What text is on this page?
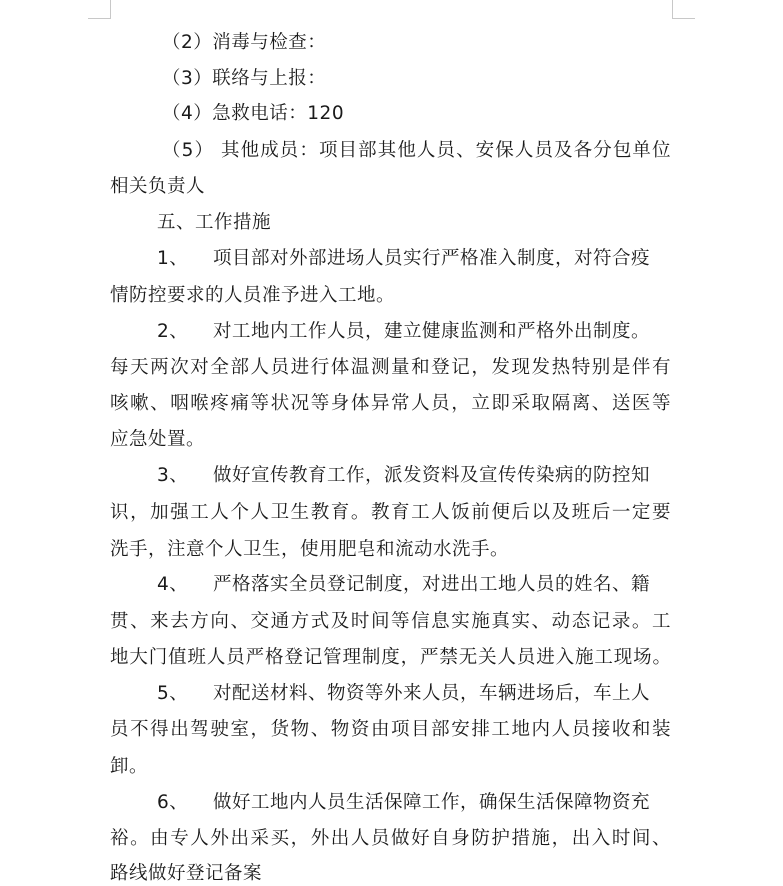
（2）消毒与检查：
（3）联络与上报：
（4）急救电话：120
（5） 其他成员：项目部其他人员、安保人员及各分包单位
相关负责人
五、工作措施
1、 项目部对外部进场人员实行严格准入制度，对符合疫
情防控要求的人员准予进入工地。
2、 对工地内工作人员，建立健康监测和严格外出制度。
每天两次对全部人员进行体温测量和登记，发现发热特别是伴有
咳嗽、咽喉疼痛等状况等身体异常人员，立即采取隔离、送医等
应急处置。
3、 做好宣传教育工作，派发资料及宣传传染病的防控知
识，加强工人个人卫生教育。教育工人饭前便后以及班后一定要
洗手，注意个人卫生，使用肥皂和流动水洗手。
4、 严格落实全员登记制度，对进出工地人员的姓名、籍
贯、来去方向、交通方式及时间等信息实施真实、动态记录。工
地大门值班人员严格登记管理制度，严禁无关人员进入施工现场。
5、 对配送材料、物资等外来人员，车辆进场后，车上人
员不得出驾驶室，货物、物资由项目部安排工地内人员接收和装
卸。
6、 做好工地内人员生活保障工作，确保生活保障物资充
裕。由专人外出采买，外出人员做好自身防护措施，出入时间、
路线做好登记备案
